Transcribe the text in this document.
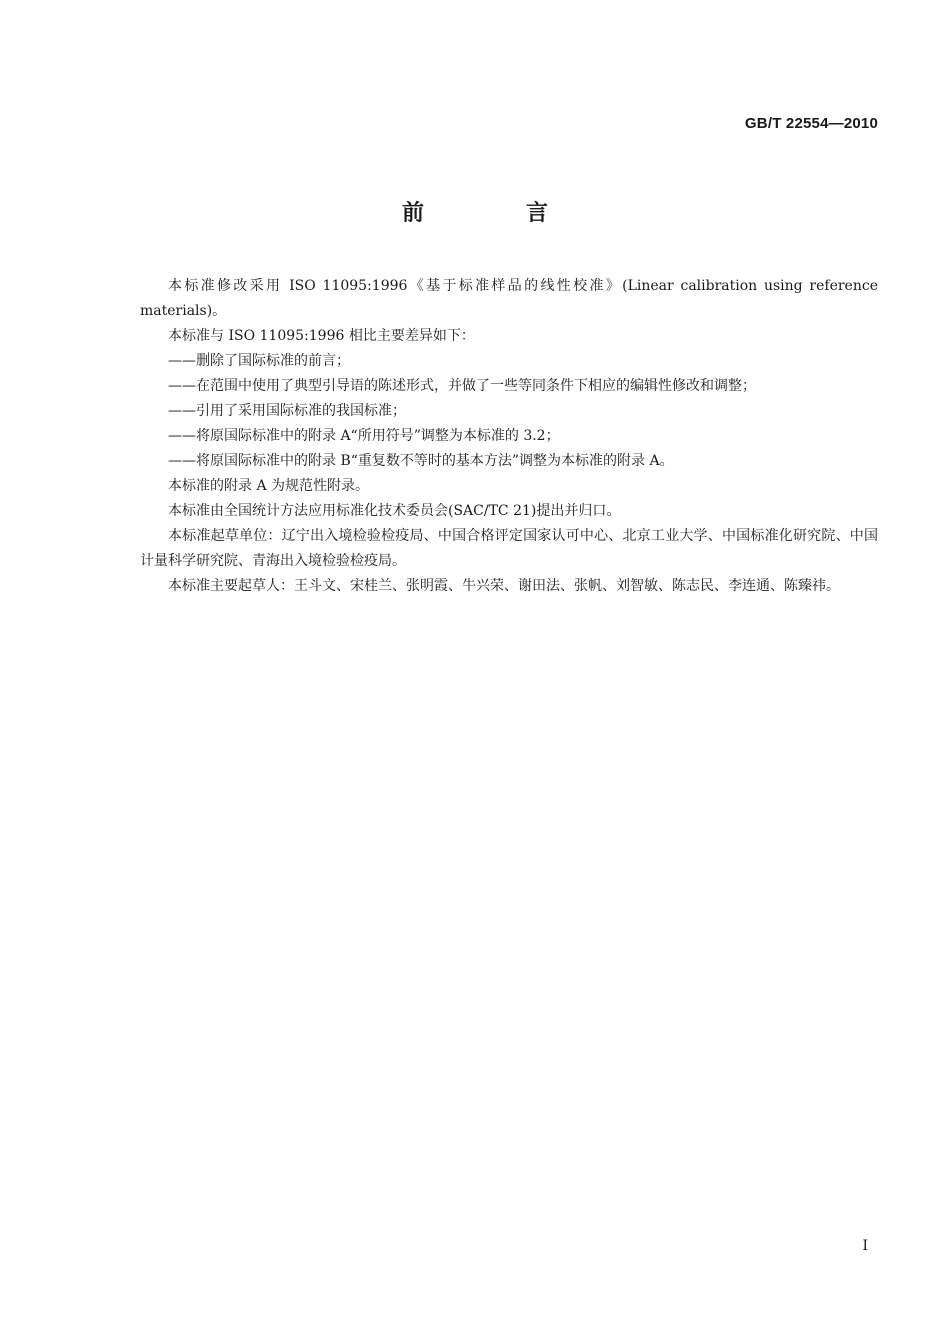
GB/T 22554—2010
前　言

本标准修改采用 ISO 11095:1996《基于标准样品的线性校准》(Linear calibration using reference materials)。

本标准与 ISO 11095:1996 相比主要差异如下：

——删除了国际标准的前言；

——在范围中使用了典型引导语的陈述形式，并做了一些等同条件下相应的编辑性修改和调整；

——引用了采用国际标准的我国标准；

——将原国际标准中的附录 A“所用符号”调整为本标准的 3.2；

——将原国际标准中的附录 B“重复数不等时的基本方法”调整为本标准的附录 A。

本标准的附录 A 为规范性附录。

本标准由全国统计方法应用标准化技术委员会(SAC/TC 21)提出并归口。

本标准起草单位：辽宁出入境检验检疫局、中国合格评定国家认可中心、北京工业大学、中国标准化研究院、中国计量科学研究院、青海出入境检验检疫局。

本标准主要起草人：王斗文、宋桂兰、张明霞、牛兴荣、谢田法、张帆、刘智敏、陈志民、李连通、陈臻祎。

I
